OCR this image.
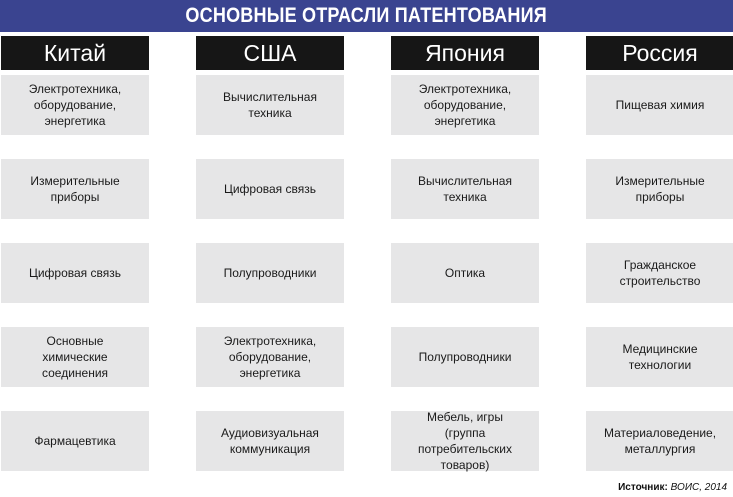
ОСНОВНЫЕ ОТРАСЛИ ПАТЕНТОВАНИЯ
Китай
Электротехника,
оборудование,
энергетика
Измерительные
приборы
Цифровая связь
Основные
химические
соединения
Фармацевтика
США
Вычислительная
техника
Цифровая связь
Полупроводники
Электротехника,
оборудование,
энергетика
Аудиовизуальная
коммуникация
Япония
Электротехника,
оборудование,
энергетика
Вычислительная
техника
Оптика
Полупроводники
Мебель, игры
(группа
потребительских
товаров)
Россия
Пищевая химия
Измерительные
приборы
Гражданское
строительство
Медицинские
технологии
Материаловедение,
металлургия
Источник: ВОИС, 2014
